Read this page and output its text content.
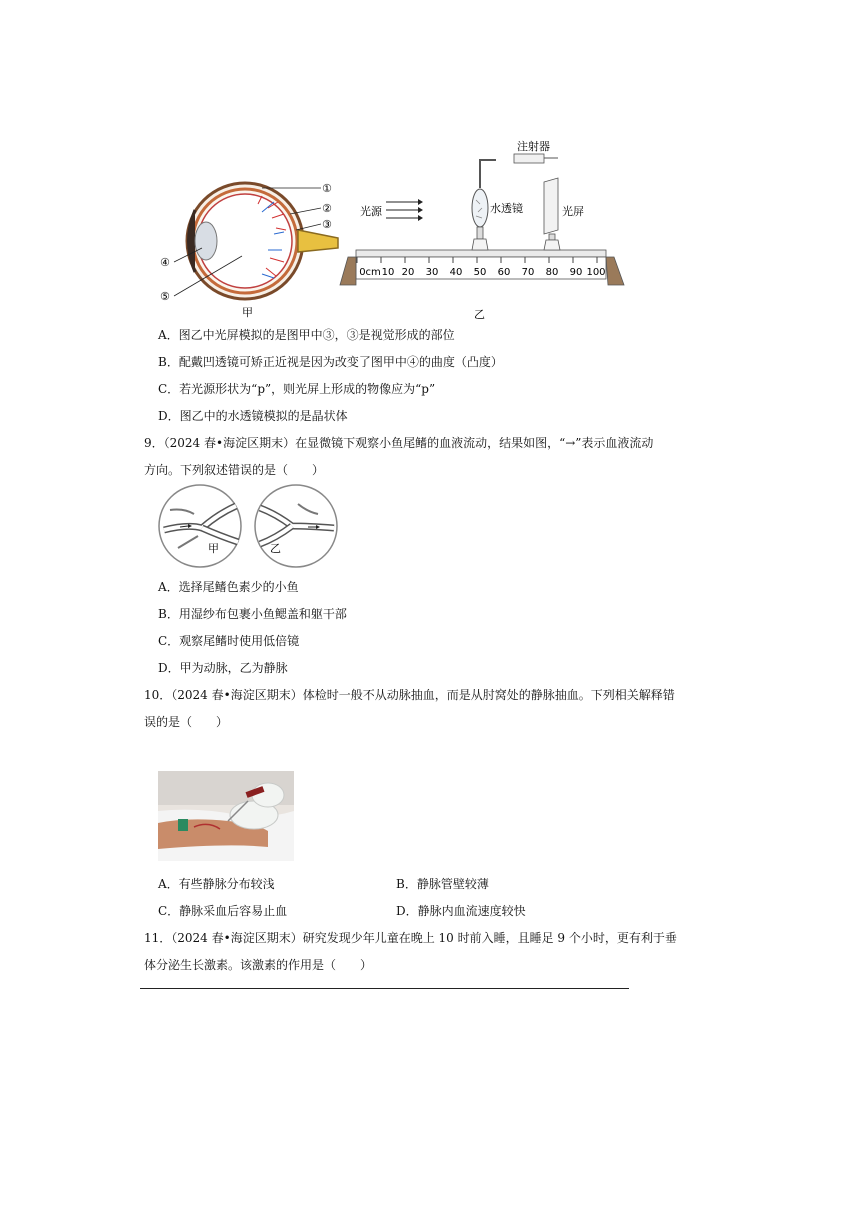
①
②
③
④
⑤
甲
注射器
光源	水透镜	光屏
0cm 10 20 30 40 50 60 70 80 90 100
乙
A．图乙中光屏模拟的是图甲中③，③是视觉形成的部位
B．配戴凹透镜可矫正近视是因为改变了图甲中④的曲度（凸度）
C．若光源形状为“p”，则光屏上形成的物像应为“p”
D．图乙中的水透镜模拟的是晶状体
9．（2024 春•海淀区期末）在显微镜下观察小鱼尾鳍的血液流动，结果如图，“→”表示血液流动
方向。下列叙述错误的是（　　）
甲	乙
A．选择尾鳍色素少的小鱼
B．用湿纱布包裹小鱼鳃盖和躯干部
C．观察尾鳍时使用低倍镜
D．甲为动脉，乙为静脉
10．（2024 春•海淀区期末）体检时一般不从动脉抽血，而是从肘窝处的静脉抽血。下列相关解释错
误的是（　　）
A．有些静脉分布较浅	B．静脉管壁较薄
C．静脉采血后容易止血	D．静脉内血流速度较快
11．（2024 春•海淀区期末）研究发现少年儿童在晚上 10 时前入睡，且睡足 9 个小时，更有利于垂
体分泌生长激素。该激素的作用是（　　）
